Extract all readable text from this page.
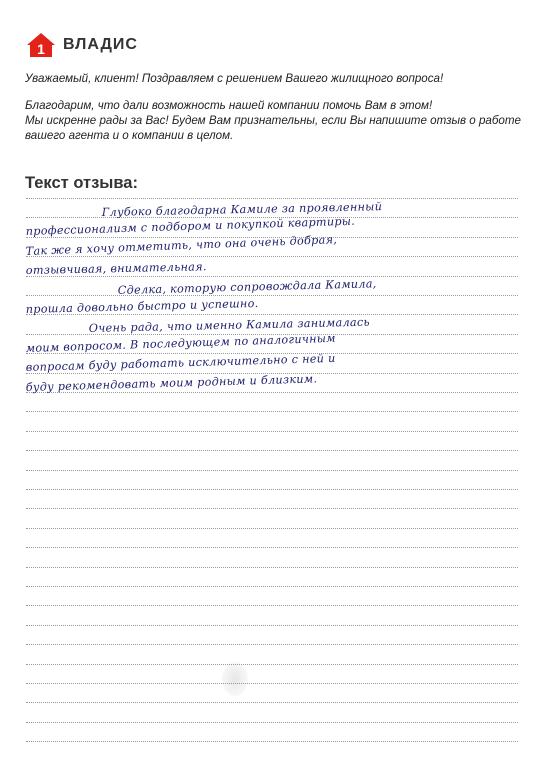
1 ВЛАДИС

Уважаемый, клиент! Поздравляем с решением Вашего жилищного вопроса!

Благодарим, что дали возможность нашей компании помочь Вам в этом!
Мы искренне рады за Вас! Будем Вам признательны, если Вы напишите отзыв о работе
вашего агента и о компании в целом.

Текст отзыва:
Глубоко благодарна Камиле за проявленный
профессионализм с подбором и покупкой квартиры.
Так же я хочу отметить, что она очень добрая,
отзывчивая, внимательная.
Сделка, которую сопровождала Камила,
прошла довольно быстро и успешно.
Очень рада, что именно Камила занималась
моим вопросом. В последующем по аналогичным
вопросам буду работать исключительно с ней и
буду рекомендовать моим родным и близким.
